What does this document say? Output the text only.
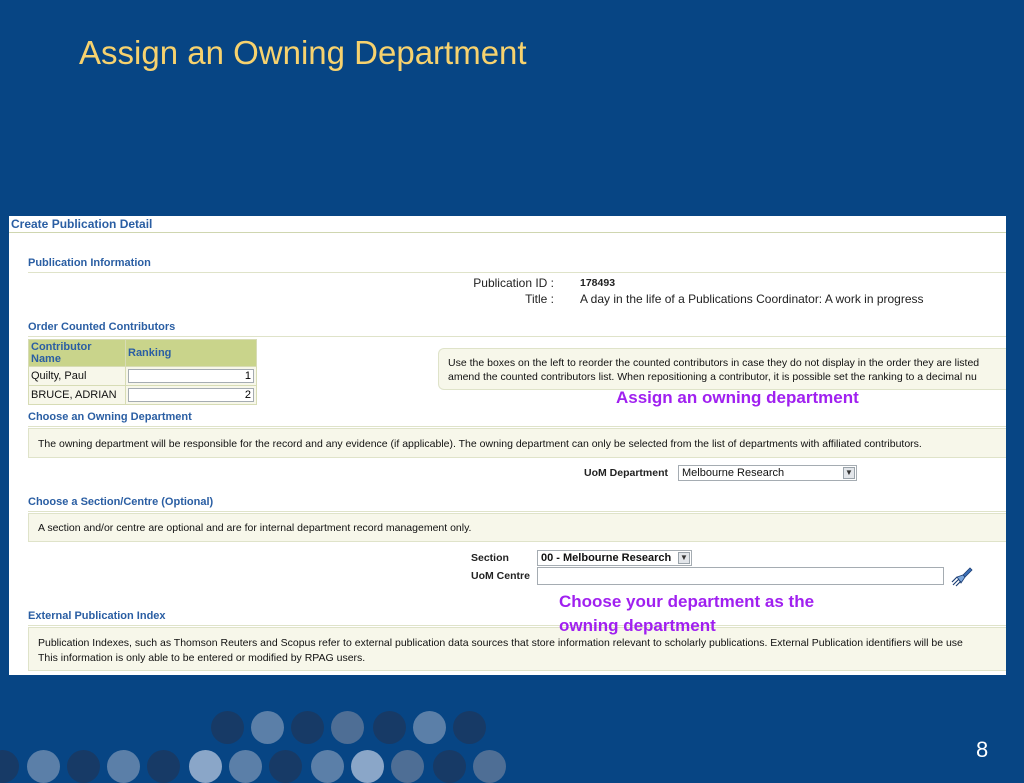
Assign an Owning Department
Create Publication Detail
Publication Information
Publication ID : 178493
Title : A day in the life of a Publications Coordinator: A work in progress
Order Counted Contributors
Contributor Name	Ranking
Quilty, Paul	1
BRUCE, ADRIAN	2
Use the boxes on the left to reorder the counted contributors in case they do not display in the order they are listed
amend the counted contributors list. When repositioning a contributor, it is possible set the ranking to a decimal nu
Choose an Owning Department
The owning department will be responsible for the record and any evidence (if applicable). The owning department can only be selected from the list of departments with affiliated contributors.
UoM Department	Melbourne Research	▼
Choose a Section/Centre (Optional)
A section and/or centre are optional and are for internal department record management only.
Section	00 - Melbourne Research ▼
UoM Centre
External Publication Index
Publication Indexes, such as Thomson Reuters and Scopus refer to external publication data sources that store information relevant to scholarly publications. External Publication identifiers will be use
This information is only able to be entered or modified by RPAG users.
Assign an owning department
Choose your department as the
owning department
8
